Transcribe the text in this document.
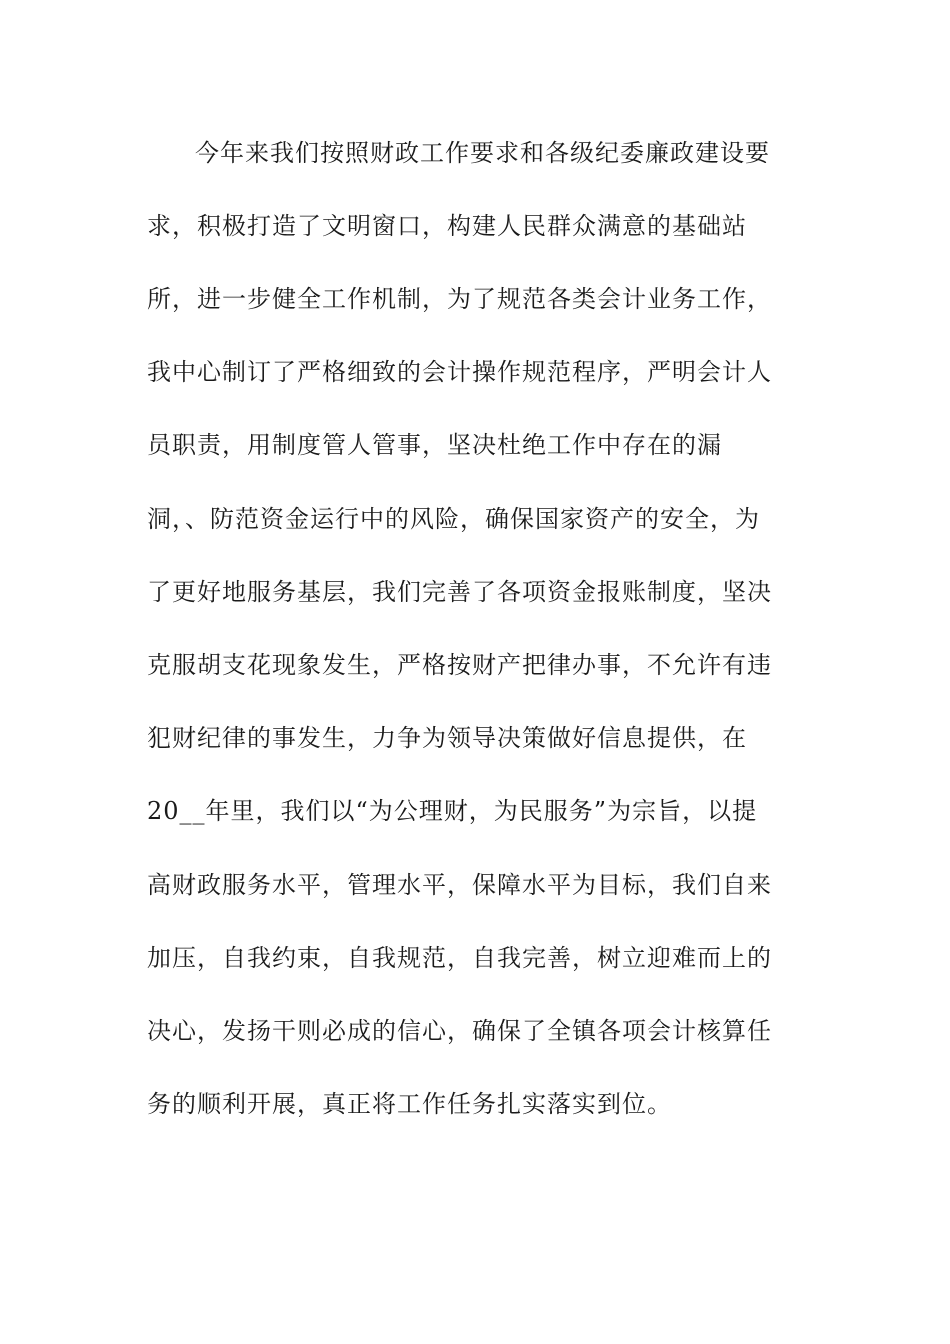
今年来我们按照财政工作要求和各级纪委廉政建设要
求，积极打造了文明窗口，构建人民群众满意的基础站
所，进一步健全工作机制，为了规范各类会计业务工作，
我中心制订了严格细致的会计操作规范程序，严明会计人
员职责，用制度管人管事，坚决杜绝工作中存在的漏
洞，、防范资金运行中的风险，确保国家资产的安全，为
了更好地服务基层，我们完善了各项资金报账制度，坚决
克服胡支花现象发生，严格按财产把律办事，不允许有违
犯财纪律的事发生，力争为领导决策做好信息提供，在
20__年里，我们以“为公理财，为民服务”为宗旨，以提
高财政服务水平，管理水平，保障水平为目标，我们自来
加压，自我约束，自我规范，自我完善，树立迎难而上的
决心，发扬干则必成的信心，确保了全镇各项会计核算任
务的顺利开展，真正将工作任务扎实落实到位。
